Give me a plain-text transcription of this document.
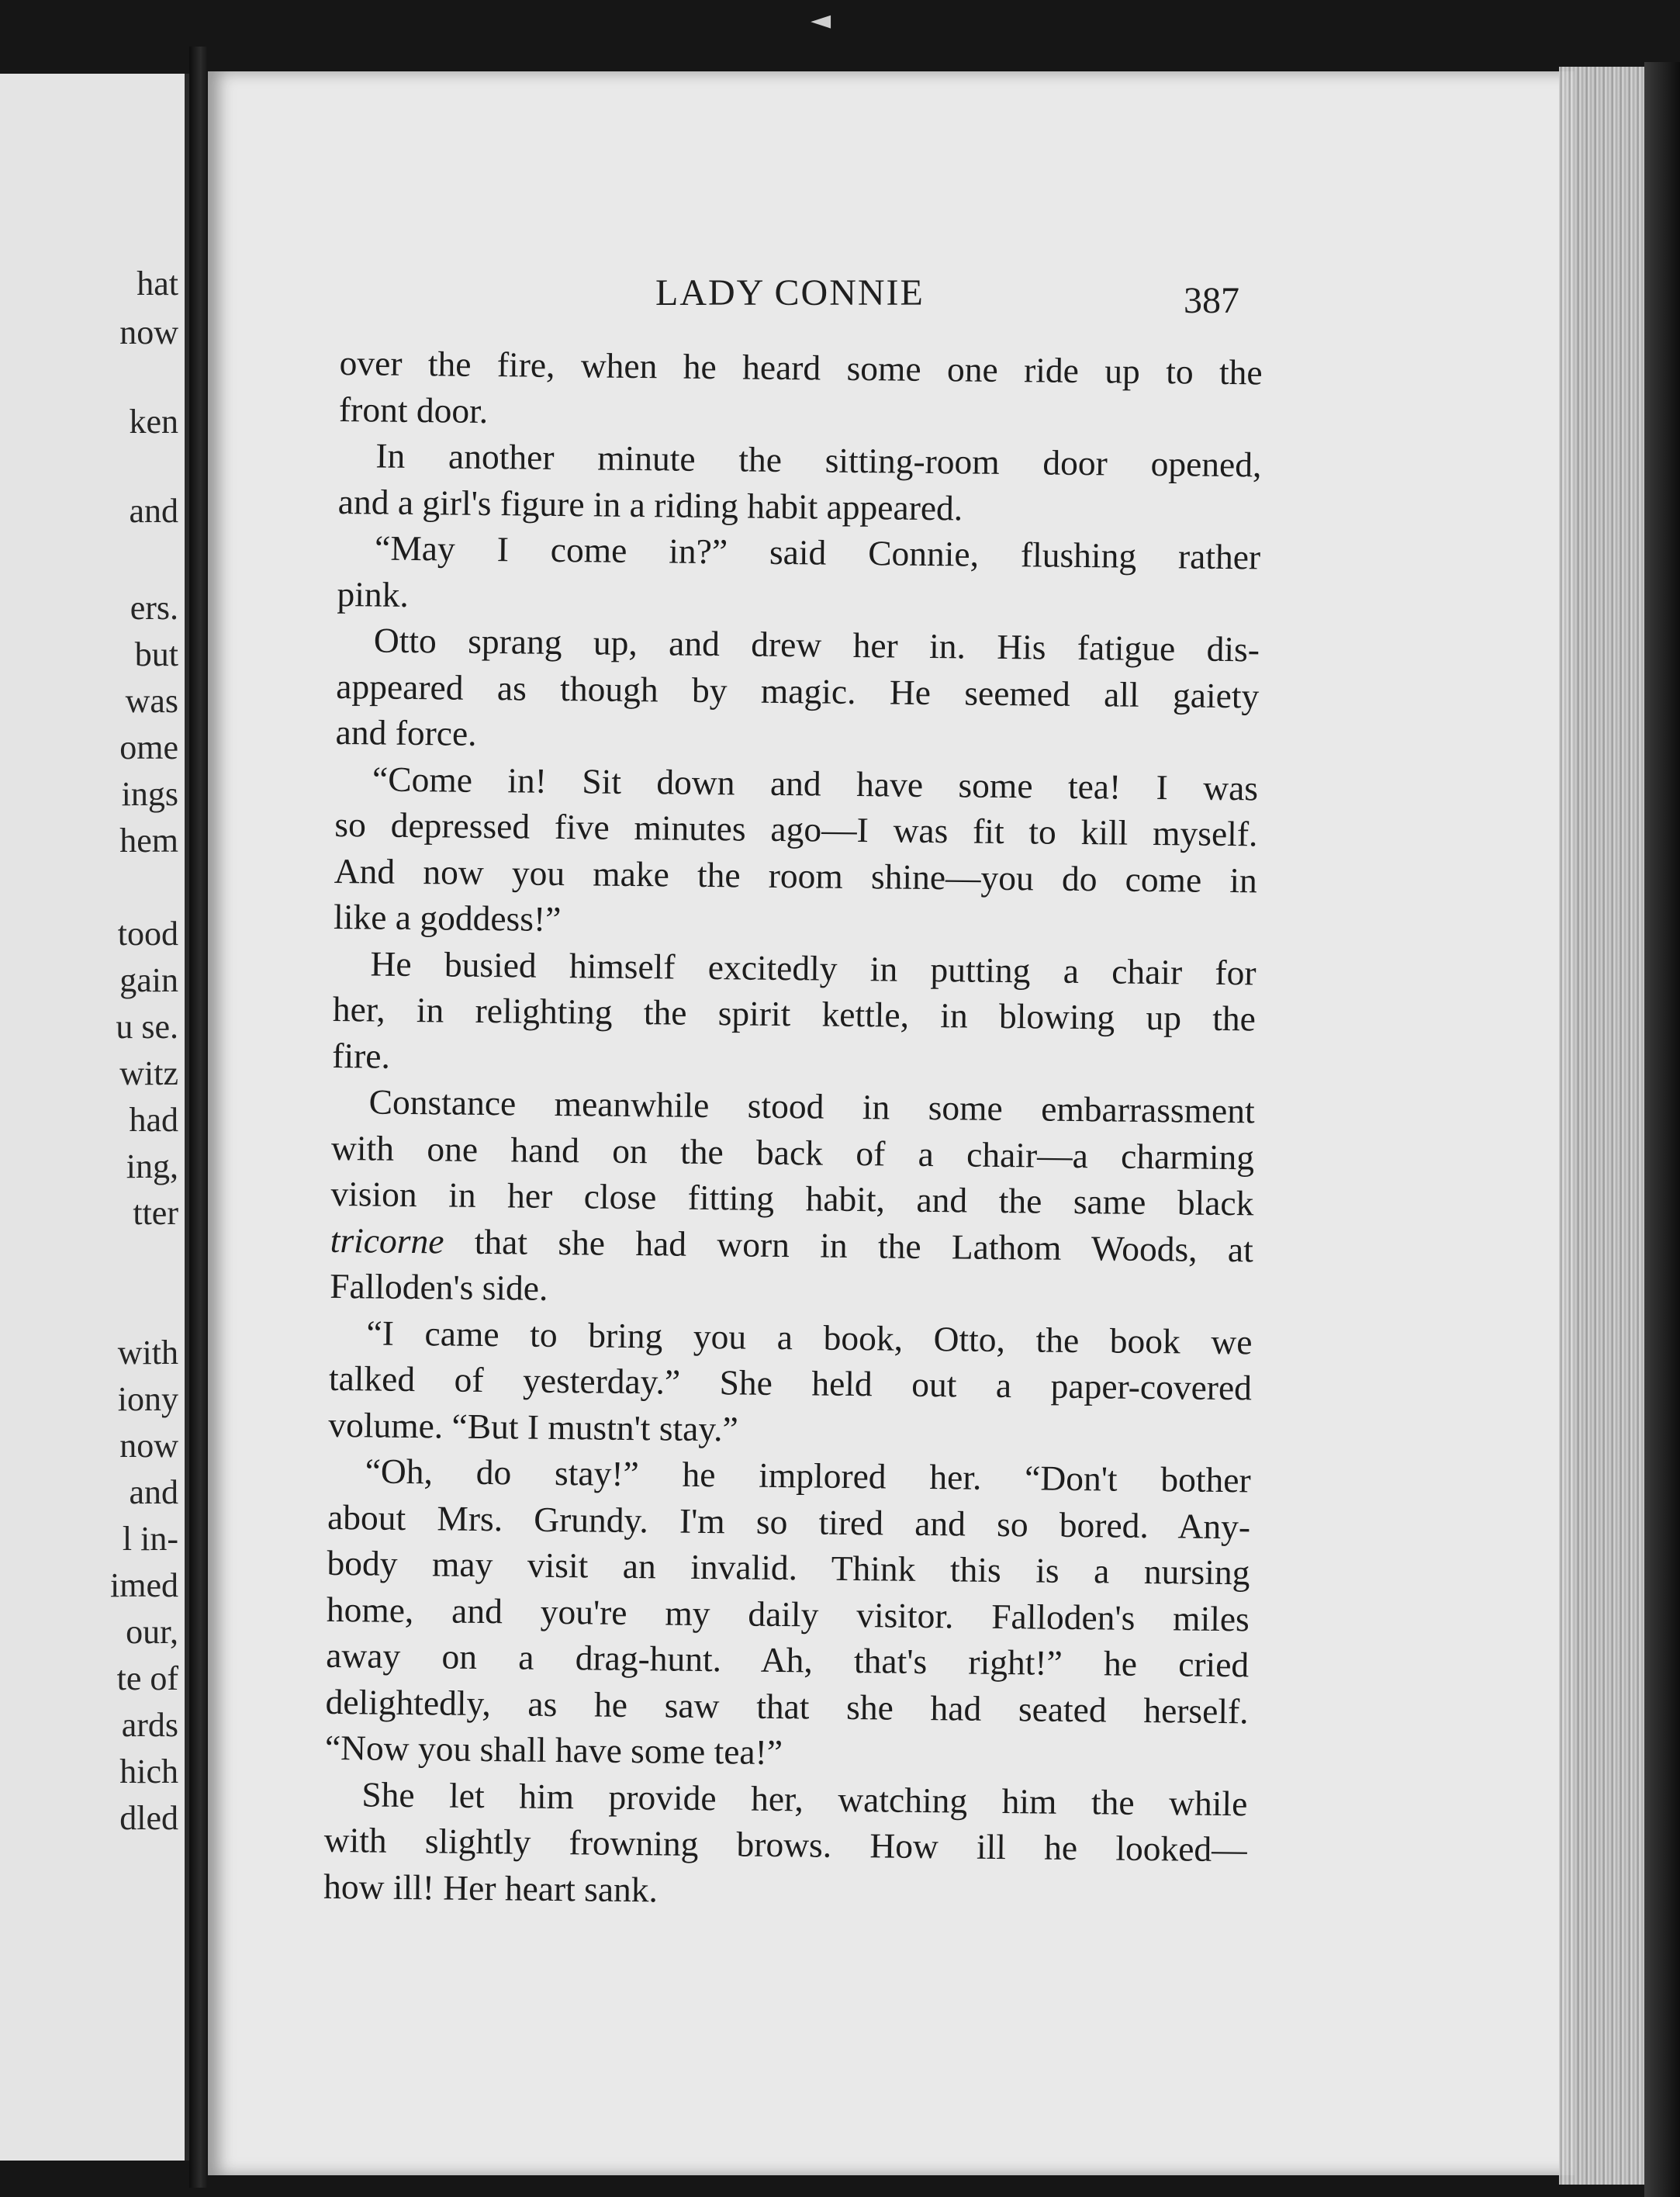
◄
hat
now
ken
and
ers.
but
was
ome
ings
hem
tood
gain
u se.
witz
had
ing,
tter
with
iony
now
and
l in-
imed
our,
te of
ards
hich
dled
LADY CONNIE	387
over the fire, when he heard some one ride up to the
front door.
In another minute the sitting-room door opened,
and a girl's figure in a riding habit appeared.
“May I come in?” said Connie, flushing rather
pink.
Otto sprang up, and drew her in. His fatigue dis-
appeared as though by magic. He seemed all gaiety
and force.
“Come in! Sit down and have some tea! I was
so depressed five minutes ago—I was fit to kill myself.
And now you make the room shine—you do come in
like a goddess!”
He busied himself excitedly in putting a chair for
her, in relighting the spirit kettle, in blowing up the
fire.
Constance meanwhile stood in some embarrassment
with one hand on the back of a chair—a charming
vision in her close fitting habit, and the same black
tricorne that she had worn in the Lathom Woods, at
Falloden's side.
“I came to bring you a book, Otto, the book we
talked of yesterday.” She held out a paper-covered
volume. “But I mustn't stay.”
“Oh, do stay!” he implored her. “Don't bother
about Mrs. Grundy. I'm so tired and so bored. Any-
body may visit an invalid. Think this is a nursing
home, and you're my daily visitor. Falloden's miles
away on a drag-hunt. Ah, that's right!” he cried
delightedly, as he saw that she had seated herself.
“Now you shall have some tea!”
She let him provide her, watching him the while
with slightly frowning brows. How ill he looked—
how ill! Her heart sank.
